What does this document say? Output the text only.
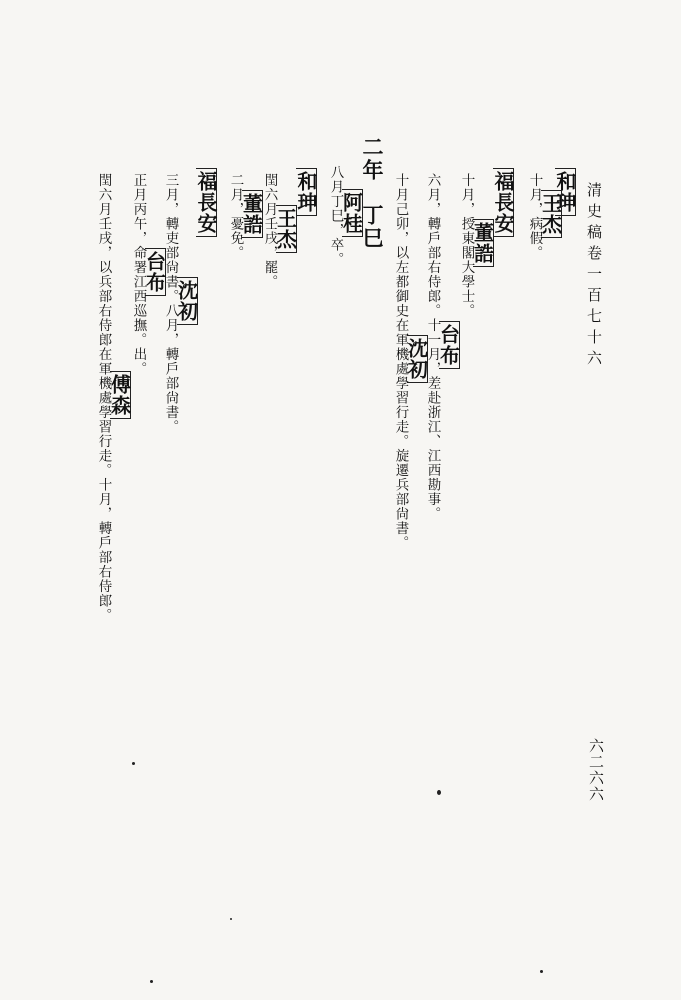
清史稿卷一百七十六
六二六六
和珅
王杰
十月，病假。
福長安
董誥
十月，授東閣大學士。
台布
六月，轉戶部右侍郎。十一月，差赴浙江、江西勘事。
沈初
十月己卯，以左都御史在軍機處學習行走。旋遷兵部尙書。
二年丁巳
阿桂
八月丁巳，卒。
和珅
王杰
閏六月壬戌，罷。
董誥
二月，憂免。
福長安
沈初
三月，轉吏部尙書。八月，轉戶部尙書。
台布
正月丙午，命署江西巡撫。出。
傅森
閏六月壬戌，以兵部右侍郎在軍機處學習行走。十月，轉戶部右侍郎。
